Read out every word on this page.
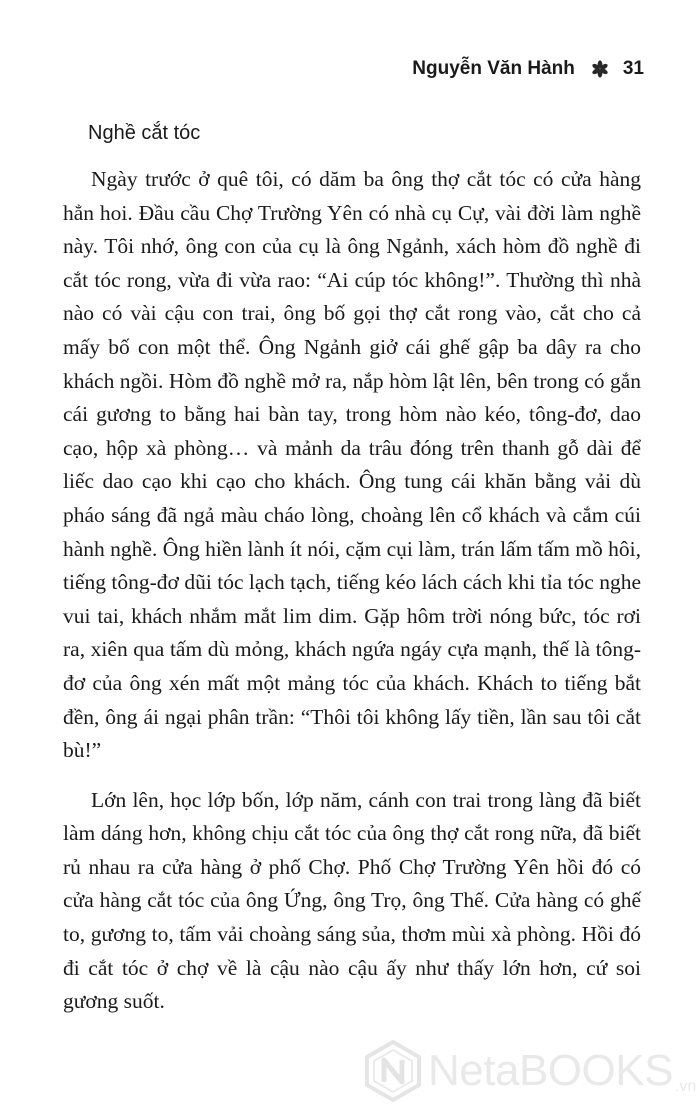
Nguyễn Văn Hành	31
Nghề cắt tóc

Ngày trước ở quê tôi, có dăm ba ông thợ cắt tóc có cửa hàng hẳn hoi. Đầu cầu Chợ Trường Yên có nhà cụ Cự, vài đời làm nghề này. Tôi nhớ, ông con của cụ là ông Ngảnh, xách hòm đồ nghề đi cắt tóc rong, vừa đi vừa rao: “Ai cúp tóc không!”. Thường thì nhà nào có vài cậu con trai, ông bố gọi thợ cắt rong vào, cắt cho cả mấy bố con một thể. Ông Ngảnh giở cái ghế gập ba dây ra cho khách ngồi. Hòm đồ nghề mở ra, nắp hòm lật lên, bên trong có gắn cái gương to bằng hai bàn tay, trong hòm nào kéo, tông-đơ, dao cạo, hộp xà phòng… và mảnh da trâu đóng trên thanh gỗ dài để liếc dao cạo khi cạo cho khách. Ông tung cái khăn bằng vải dù pháo sáng đã ngả màu cháo lòng, choàng lên cổ khách và cắm cúi hành nghề. Ông hiền lành ít nói, cặm cụi làm, trán lấm tấm mồ hôi, tiếng tông-đơ dũi tóc lạch tạch, tiếng kéo lách cách khi tỉa tóc nghe vui tai, khách nhắm mắt lim dim. Gặp hôm trời nóng bức, tóc rơi ra, xiên qua tấm dù mỏng, khách ngứa ngáy cựa mạnh, thế là tông-đơ của ông xén mất một mảng tóc của khách. Khách to tiếng bắt đền, ông ái ngại phân trần: “Thôi tôi không lấy tiền, lần sau tôi cắt bù!”

Lớn lên, học lớp bốn, lớp năm, cánh con trai trong làng đã biết làm dáng hơn, không chịu cắt tóc của ông thợ cắt rong nữa, đã biết rủ nhau ra cửa hàng ở phố Chợ. Phố Chợ Trường Yên hồi đó có cửa hàng cắt tóc của ông Ứng, ông Trọ, ông Thế. Cửa hàng có ghế to, gương to, tấm vải choàng sáng sủa, thơm mùi xà phòng. Hồi đó đi cắt tóc ở chợ về là cậu nào cậu ấy như thấy lớn hơn, cứ soi gương suốt.

NetaBOOKS .vn
